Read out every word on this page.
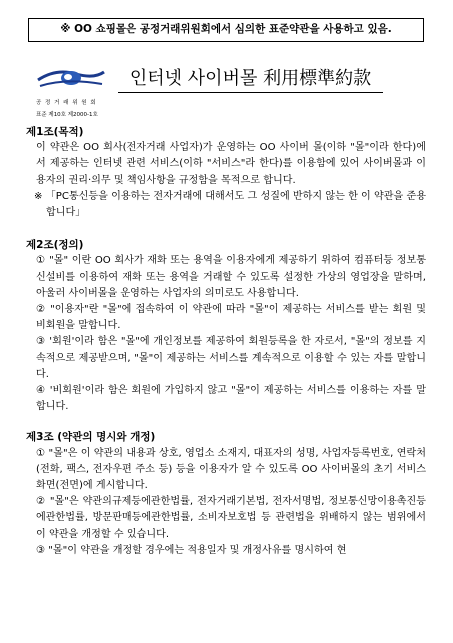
※ OO 쇼핑몰은 공정거래위원회에서 심의한 표준약관을 사용하고 있음.
공 정 거 래 위 원 회
표준 제10호 제2000-1호
인터넷 사이버몰 利用標準約款

제1조(목적)

이 약관은 OO 회사(전자거래 사업자)가 운영하는 OO 사이버 몰(이하 "몰"이라 한다)에서 제공하는 인터넷 관련 서비스(이하 "서비스"라 한다)를 이용함에 있어 사이버몰과 이용자의 권리·의무 및 책임사항을 규정함을 목적으로 합니다.

※ 「PC통신등을 이용하는 전자거래에 대해서도 그 성질에 반하지 않는 한 이 약관을 준용합니다」

제2조(정의)

① "몰" 이란 OO 회사가 재화 또는 용역을 이용자에게 제공하기 위하여 컴퓨터등 정보통신설비를 이용하여 재화 또는 용역을 거래할 수 있도록 설정한 가상의 영업장을 말하며, 아울러 사이버몰을 운영하는 사업자의 의미로도 사용합니다.

② "이용자"란 "몰"에 접속하여 이 약관에 따라 "몰"이 제공하는 서비스를 받는 회원 및 비회원을 말합니다.

③ '회원'이라 함은 "몰"에 개인정보를 제공하여 회원등록을 한 자로서, "몰"의 정보를 지속적으로 제공받으며, "몰"이 제공하는 서비스를 계속적으로 이용할 수 있는 자를 말합니다.

④ '비회원'이라 함은 회원에 가입하지 않고 "몰"이 제공하는 서비스를 이용하는 자를 말합니다.

제3조 (약관의 명시와 개정)

① "몰"은 이 약관의 내용과 상호, 영업소 소재지, 대표자의 성명, 사업자등록번호, 연락처(전화, 팩스, 전자우편 주소 등) 등을 이용자가 알 수 있도록 OO 사이버몰의 초기 서비스화면(전면)에 게시합니다.

② "몰"은 약관의규제등에관한법률, 전자거래기본법, 전자서명법, 정보통신망이용촉진등에관한법률, 방문판매등에관한법률, 소비자보호법 등 관련법을 위배하지 않는 범위에서 이 약관을 개정할 수 있습니다.

③ "몰"이 약관을 개정할 경우에는 적용일자 및 개정사유를 명시하여 현
